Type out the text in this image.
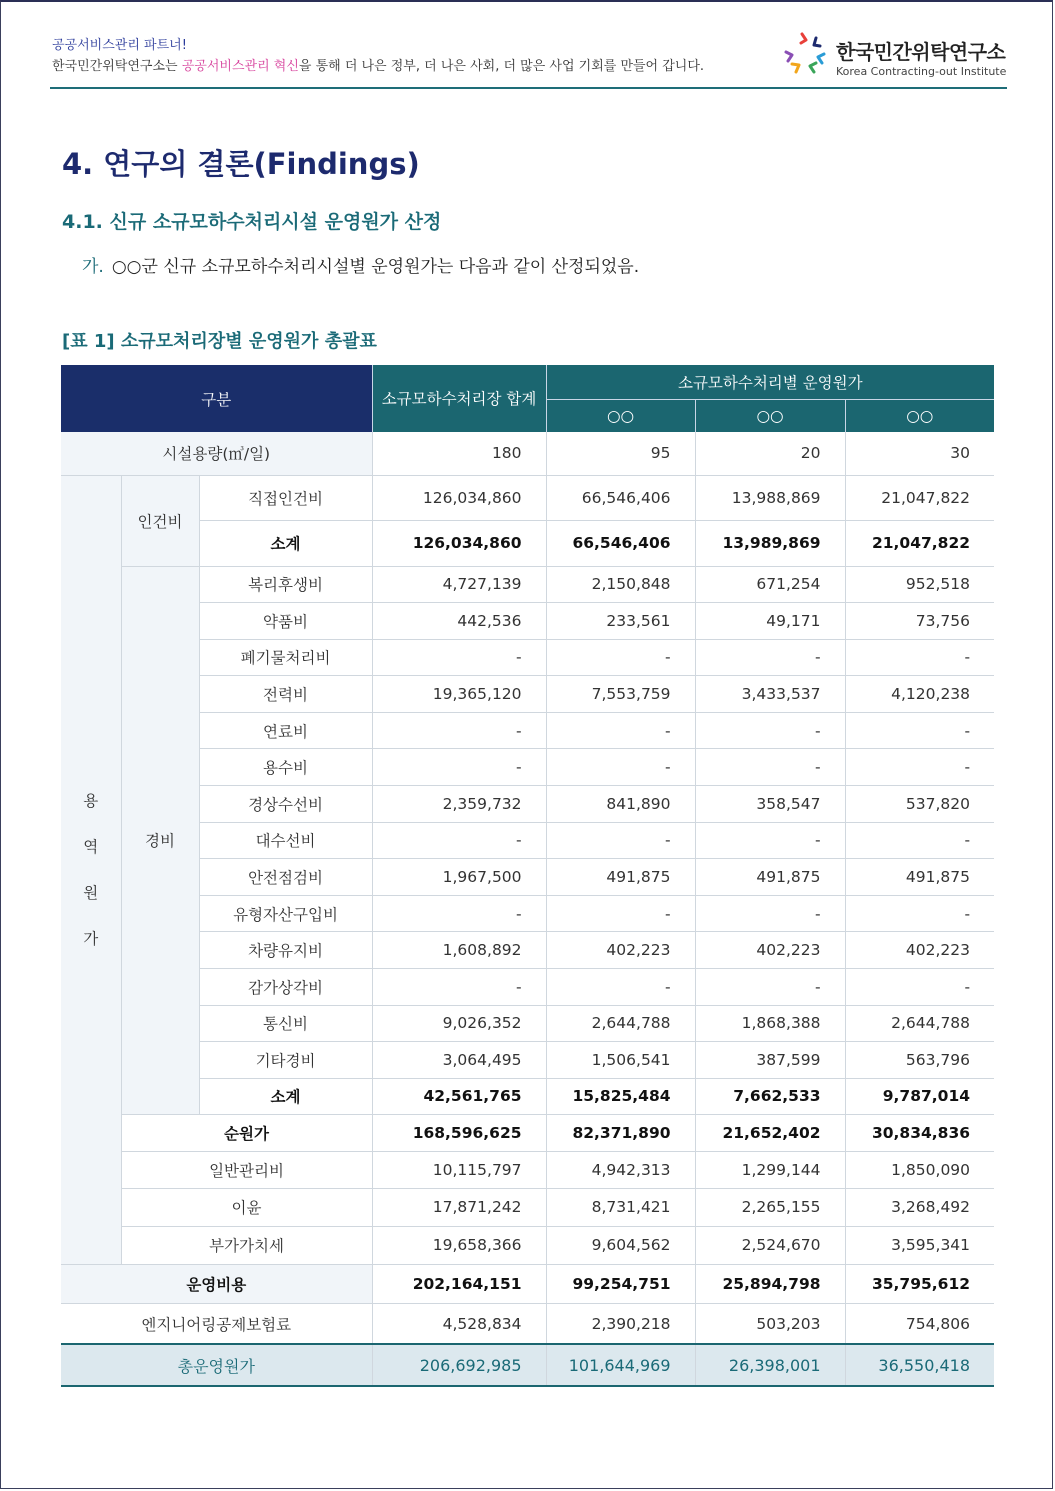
공공서비스관리 파트너!
한국민간위탁연구소는 공공서비스관리 혁신을 통해 더 나은 정부, 더 나은 사회, 더 많은 사업 기회를 만들어 갑니다.
한국민간위탁연구소
Korea Contracting-out Institute
4. 연구의 결론(Findings)
4.1. 신규 소규모하수처리시설 운영원가 산정
가. ○○군 신규 소규모하수처리시설별 운영원가는 다음과 같이 산정되었음.
[표 1] 소규모처리장별 운영원가 총괄표
구분			소규모하수처리장 합계	소규모하수처리별 운영원가		
				○○	○○	○○
시설용량(㎥/일)			180	95	20	30

용
역
원
가	인건비	직접인건비	126,034,860	66,546,406	13,988,869	21,047,822
		소계	126,034,860	66,546,406	13,989,869	21,047,822
	경비	복리후생비	4,727,139	2,150,848	671,254	952,518
		약품비	442,536	233,561	49,171	73,756
		폐기물처리비	-	-	-	-
		전력비	19,365,120	7,553,759	3,433,537	4,120,238
		연료비	-	-	-	-
		용수비	-	-	-	-
		경상수선비	2,359,732	841,890	358,547	537,820
		대수선비	-	-	-	-
		안전점검비	1,967,500	491,875	491,875	491,875
		유형자산구입비	-	-	-	-
		차량유지비	1,608,892	402,223	402,223	402,223
		감가상각비	-	-	-	-
		통신비	9,026,352	2,644,788	1,868,388	2,644,788
		기타경비	3,064,495	1,506,541	387,599	563,796
		소계	42,561,765	15,825,484	7,662,533	9,787,014
	순원가		168,596,625	82,371,890	21,652,402	30,834,836
	일반관리비		10,115,797	4,942,313	1,299,144	1,850,090
	이윤		17,871,242	8,731,421	2,265,155	3,268,492
	부가가치세		19,658,366	9,604,562	2,524,670	3,595,341
운영비용			202,164,151	99,254,751	25,894,798	35,795,612
엔지니어링공제보험료			4,528,834	2,390,218	503,203	754,806
총운영원가			206,692,985	101,644,969	26,398,001	36,550,418
